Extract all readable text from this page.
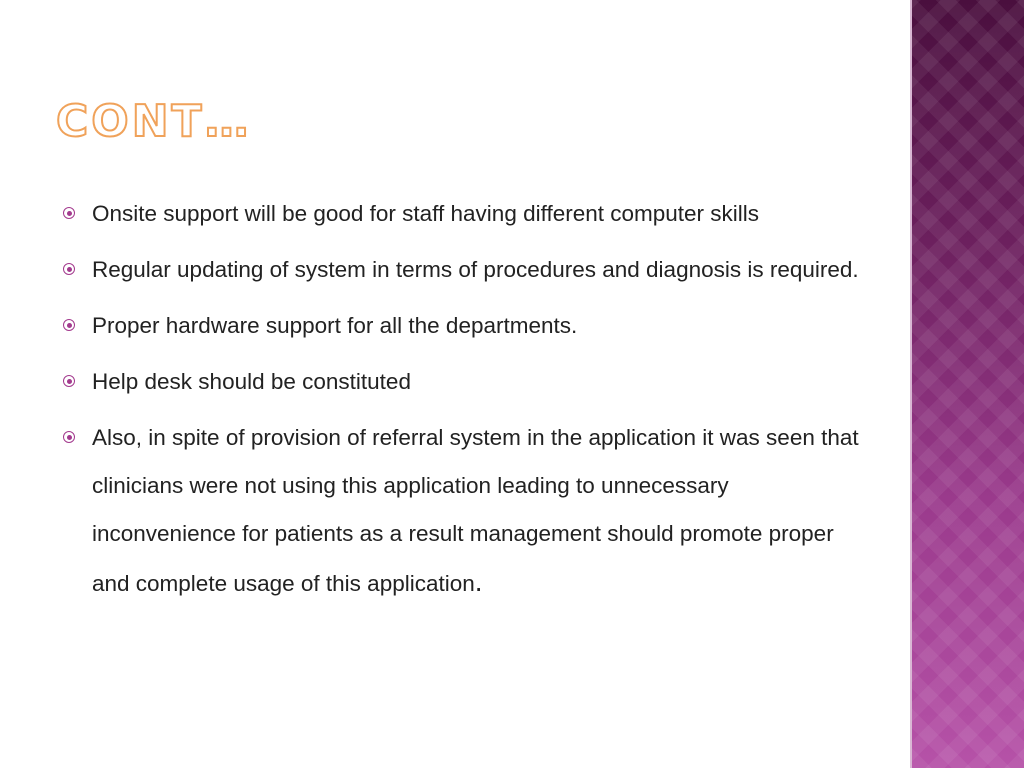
CONT…
Onsite support will be good for staff having different computer skills
Regular updating of system in terms of procedures and diagnosis is required.
Proper hardware support for all the departments.
Help desk should be constituted
Also, in spite of provision of referral system in the application it was seen that clinicians were not using this application leading to unnecessary inconvenience for patients as a result management should promote proper and complete usage of this application.
